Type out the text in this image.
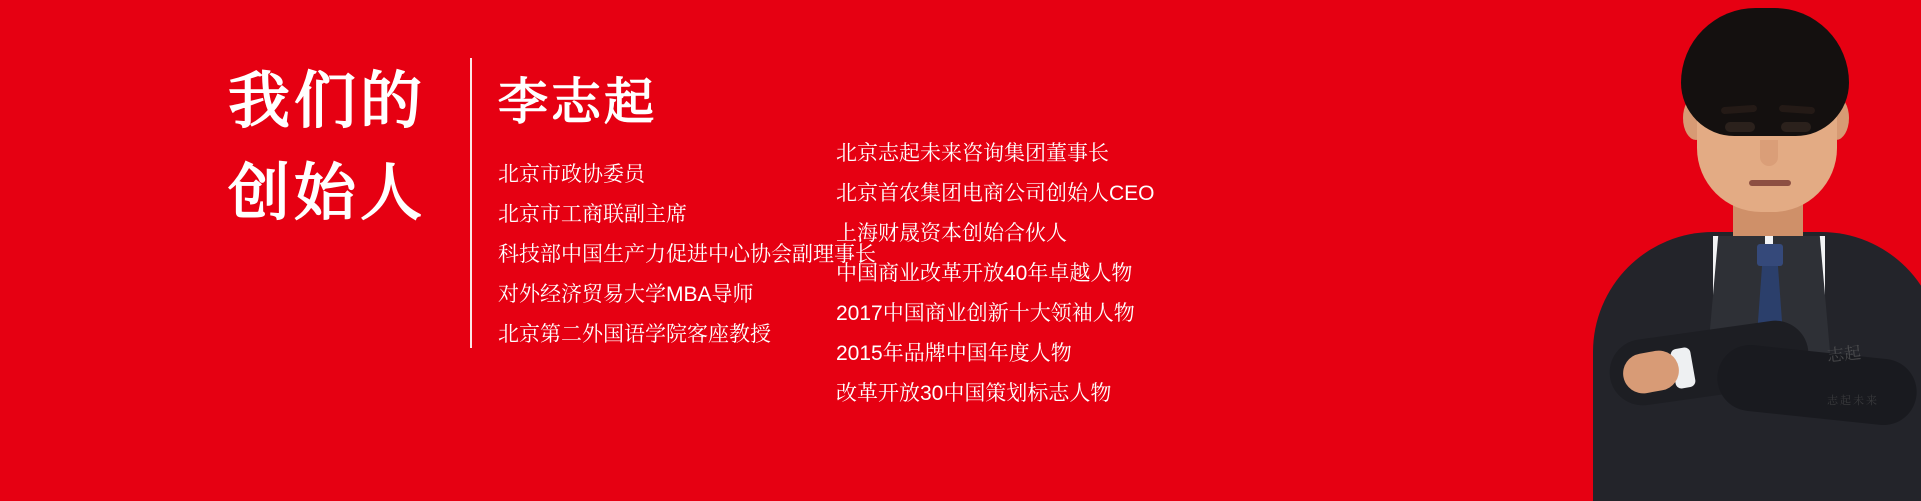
我们的
创始人
李志起

北京市政协委员

北京市工商联副主席

科技部中国生产力促进中心协会副理事长

对外经济贸易大学MBA导师

北京第二外国语学院客座教授

北京志起未来咨询集团董事长

北京首农集团电商公司创始人CEO

上海财晟资本创始合伙人

中国商业改革开放40年卓越人物

2017中国商业创新十大领袖人物

2015年品牌中国年度人物

改革开放30中国策划标志人物

志起
志起未来
